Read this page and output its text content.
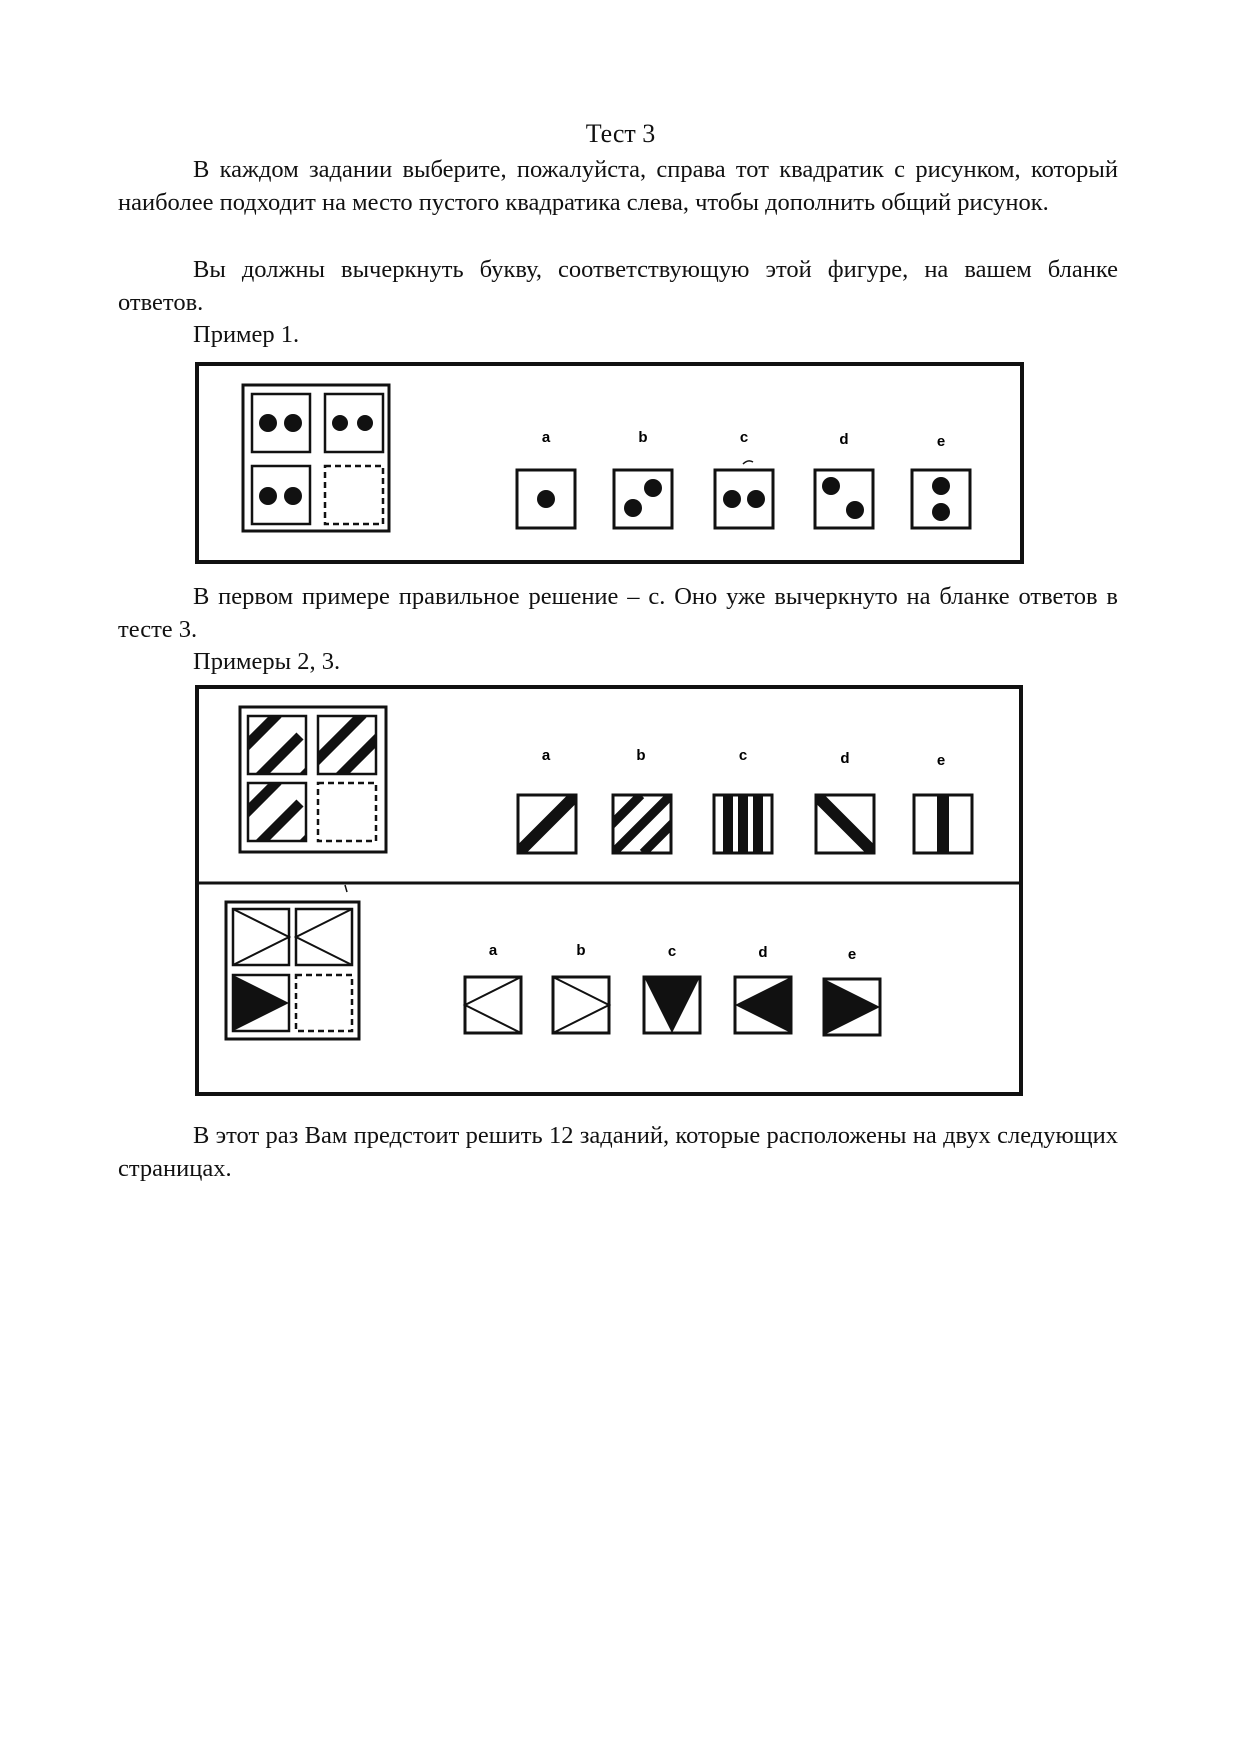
Тест 3

В каждом задании выберите, пожалуйста, справа тот квадратик с рисунком, который наиболее подходит на место пустого квадратика слева, чтобы дополнить общий рисунок.

Вы должны вычеркнуть букву, соответствующую этой фигуре, на вашем бланке ответов.

Пример 1.
a	b	c	d	e

В первом примере правильное решение – с. Оно уже вычеркнуто на бланке ответов в тесте 3.

Примеры 2, 3.
a	b	c	d	e
a	b	c	d	e

В этот раз Вам предстоит решить 12 заданий, которые расположены на двух следующих страницах.
